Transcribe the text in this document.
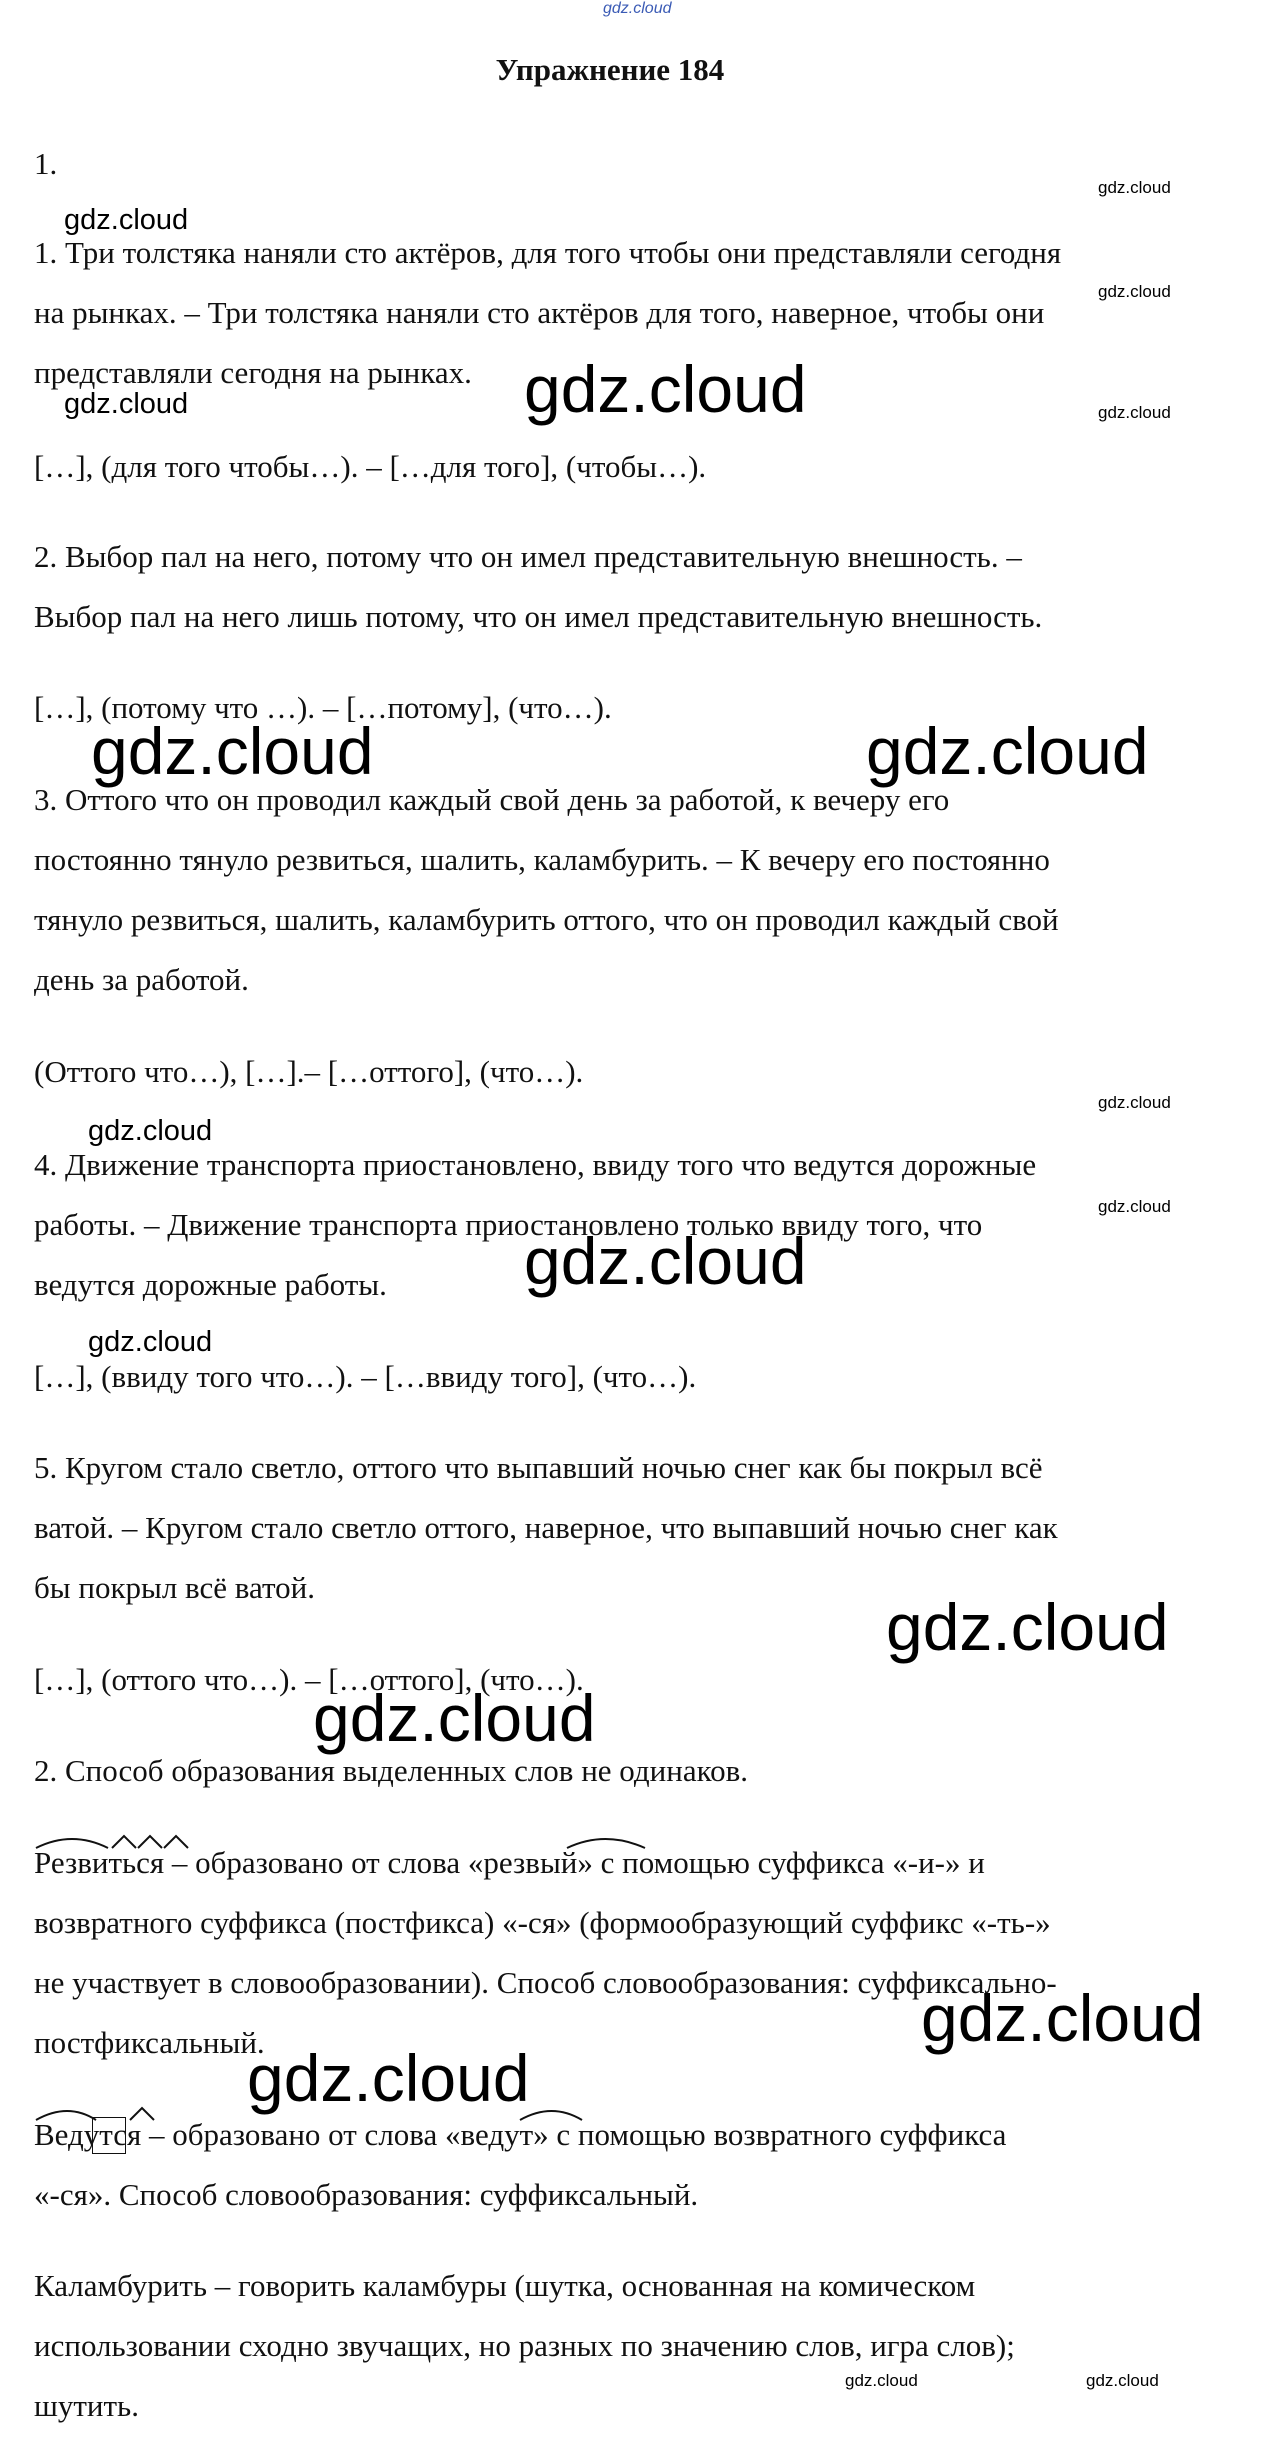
gdz.cloud
Упражнение 184
1.
1. Три толстяка наняли сто актёров, для того чтобы они представляли сегодня
на рынках. – Три толстяка наняли сто актёров для того, наверное, чтобы они
представляли сегодня на рынках.
[…], (для того чтобы…). – […для того], (чтобы…).
2. Выбор пал на него, потому что он имел представительную внешность. –
Выбор пал на него лишь потому, что он имел представительную внешность.
[…], (потому что …). – […потому], (что…).
3. Оттого что он проводил каждый свой день за работой, к вечеру его
постоянно тянуло резвиться, шалить, каламбурить. – К вечеру его постоянно
тянуло резвиться, шалить, каламбурить оттого, что он проводил каждый свой
день за работой.
(Оттого что…), […].– […оттого], (что…).
4. Движение транспорта приостановлено, ввиду того что ведутся дорожные
работы. – Движение транспорта приостановлено только ввиду того, что
ведутся дорожные работы.
[…], (ввиду того что…). – […ввиду того], (что…).
5. Кругом стало светло, оттого что выпавший ночью снег как бы покрыл всё
ватой. – Кругом стало светло оттого, наверное, что выпавший ночью снег как
бы покрыл всё ватой.
[…], (оттого что…). – […оттого], (что…).
2. Способ образования выделенных слов не одинаков.
Резвиться – образовано от слова «резвый» с помощью суффикса «-и-» и
возвратного суффикса (постфикса) «-ся» (формообразующий суффикс «-ть-»
не участвует в словообразовании). Способ словообразования: суффиксально-
постфиксальный.
Ведутся – образовано от слова «ведут» с помощью возвратного суффикса
«-ся». Способ словообразования: суффиксальный.
Каламбурить – говорить каламбуры (шутка, основанная на комическом
использовании сходно звучащих, но разных по значению слов, игра слов);
шутить.
gdz.cloud
gdz.cloud	gdz.cloud
gdz.cloud
gdz.cloud
gdz.cloud
gdz.cloud
gdz.cloud
gdz.cloud
gdz.cloud
gdz.cloud
gdz.cloud
gdz.cloud
gdz.cloud
gdz.cloud
gdz.cloud
gdz.cloud
gdz.cloud	gdz.cloud
